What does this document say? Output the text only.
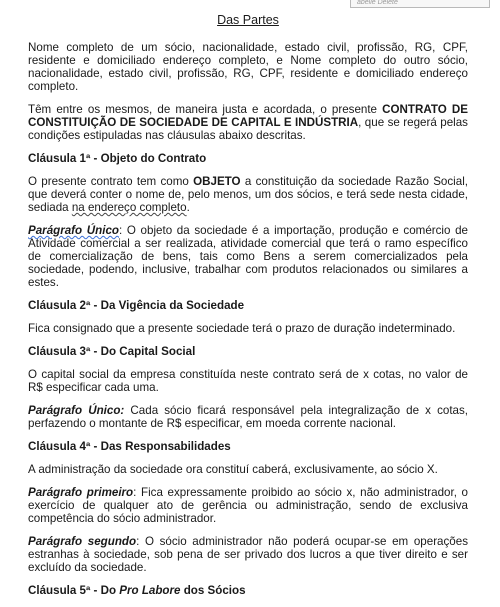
abelle Delete
Das Partes

Nome completo de um sócio, nacionalidade, estado civil, profissão, RG, CPF, residente e domiciliado endereço completo, e Nome completo do outro sócio, nacionalidade, estado civil, profissão, RG, CPF, residente e domiciliado endereço completo.

Têm entre os mesmos, de maneira justa e acordada, o presente CONTRATO DE CONSTITUIÇÃO DE SOCIEDADE DE CAPITAL E INDÚSTRIA, que se regerá pelas condições estipuladas nas cláusulas abaixo descritas.

Cláusula 1ª - Objeto do Contrato

O presente contrato tem como OBJETO a constituição da sociedade Razão Social, que deverá conter o nome de, pelo menos, um dos sócios, e terá sede nesta cidade, sediada na endereço completo.

Parágrafo Único: O objeto da sociedade é a importação, produção e comércio de Atividade comercial a ser realizada, atividade comercial que terá o ramo específico de comercialização de bens, tais como Bens a serem comercializados pela sociedade, podendo, inclusive, trabalhar com produtos relacionados ou similares a estes.

Cláusula 2ª - Da Vigência da Sociedade

Fica consignado que a presente sociedade terá o prazo de duração indeterminado.

Cláusula 3ª - Do Capital Social

O capital social da empresa constituída neste contrato será de x cotas, no valor de R$ especificar cada uma.

Parágrafo Único: Cada sócio ficará responsável pela integralização de x cotas, perfazendo o montante de R$ especificar, em moeda corrente nacional.

Cláusula 4ª - Das Responsabilidades

A administração da sociedade ora constituí caberá, exclusivamente, ao sócio X.

Parágrafo primeiro: Fica expressamente proibido ao sócio x, não administrador, o exercício de qualquer ato de gerência ou administração, sendo de exclusiva competência do sócio administrador.

Parágrafo segundo: O sócio administrador não poderá ocupar-se em operações estranhas à sociedade, sob pena de ser privado dos lucros a que tiver direito e ser excluído da sociedade.

Cláusula 5ª - Do Pro Labore dos Sócios
